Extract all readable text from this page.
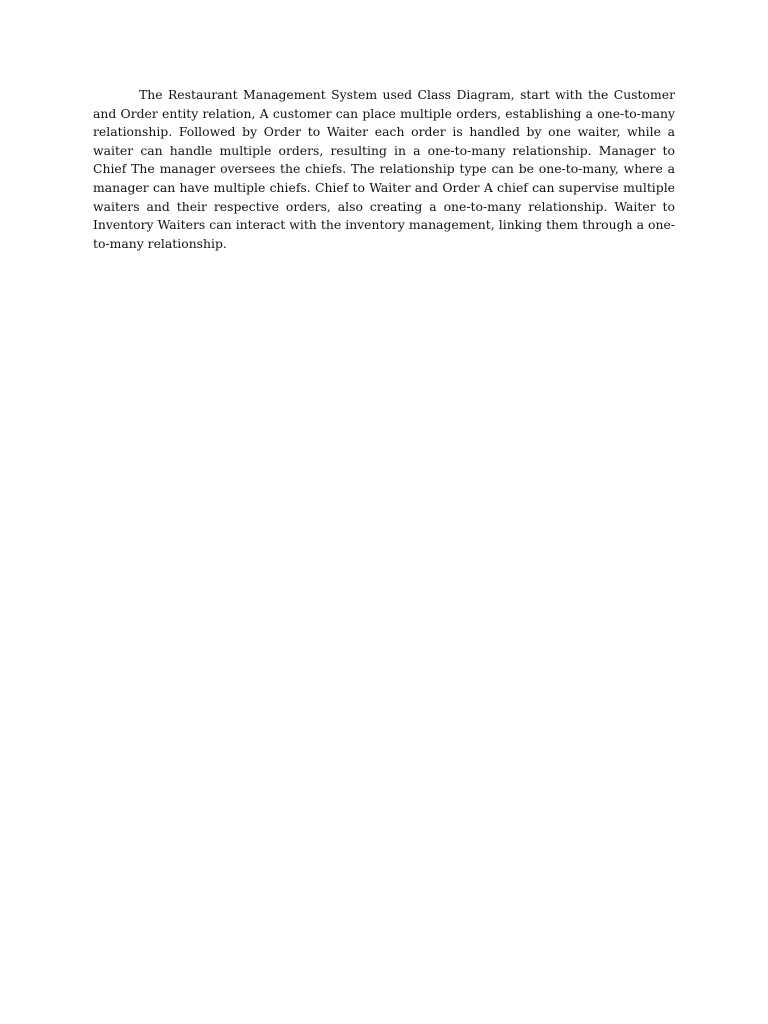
The Restaurant Management System used Class Diagram, start with the Customer and Order entity relation, A customer can place multiple orders, establishing a one-to-many relationship. Followed by Order to Waiter each order is handled by one waiter, while a waiter can handle multiple orders, resulting in a one-to-many relationship. Manager to Chief The manager oversees the chiefs. The relationship type can be one-to-many, where a manager can have multiple chiefs. Chief to Waiter and Order A chief can supervise multiple waiters and their respective orders, also creating a one-to-many relationship. Waiter to Inventory Waiters can interact with the inventory management, linking them through a one-to-many relationship.
